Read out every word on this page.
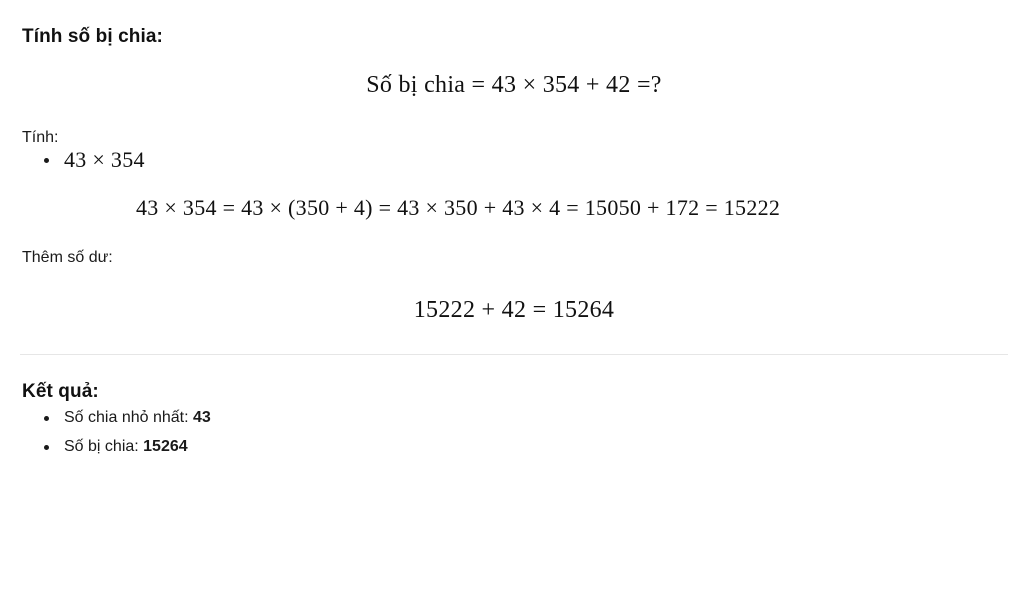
Tính số bị chia:
Số bị chia = 43 × 354 + 42 =?
Tính:
43 × 354
43 × 354 = 43 × (350 + 4) = 43 × 350 + 43 × 4 = 15050 + 172 = 15222
Thêm số dư:
15222 + 42 = 15264
Kết quả:
Số chia nhỏ nhất: 43
Số bị chia: 15264
